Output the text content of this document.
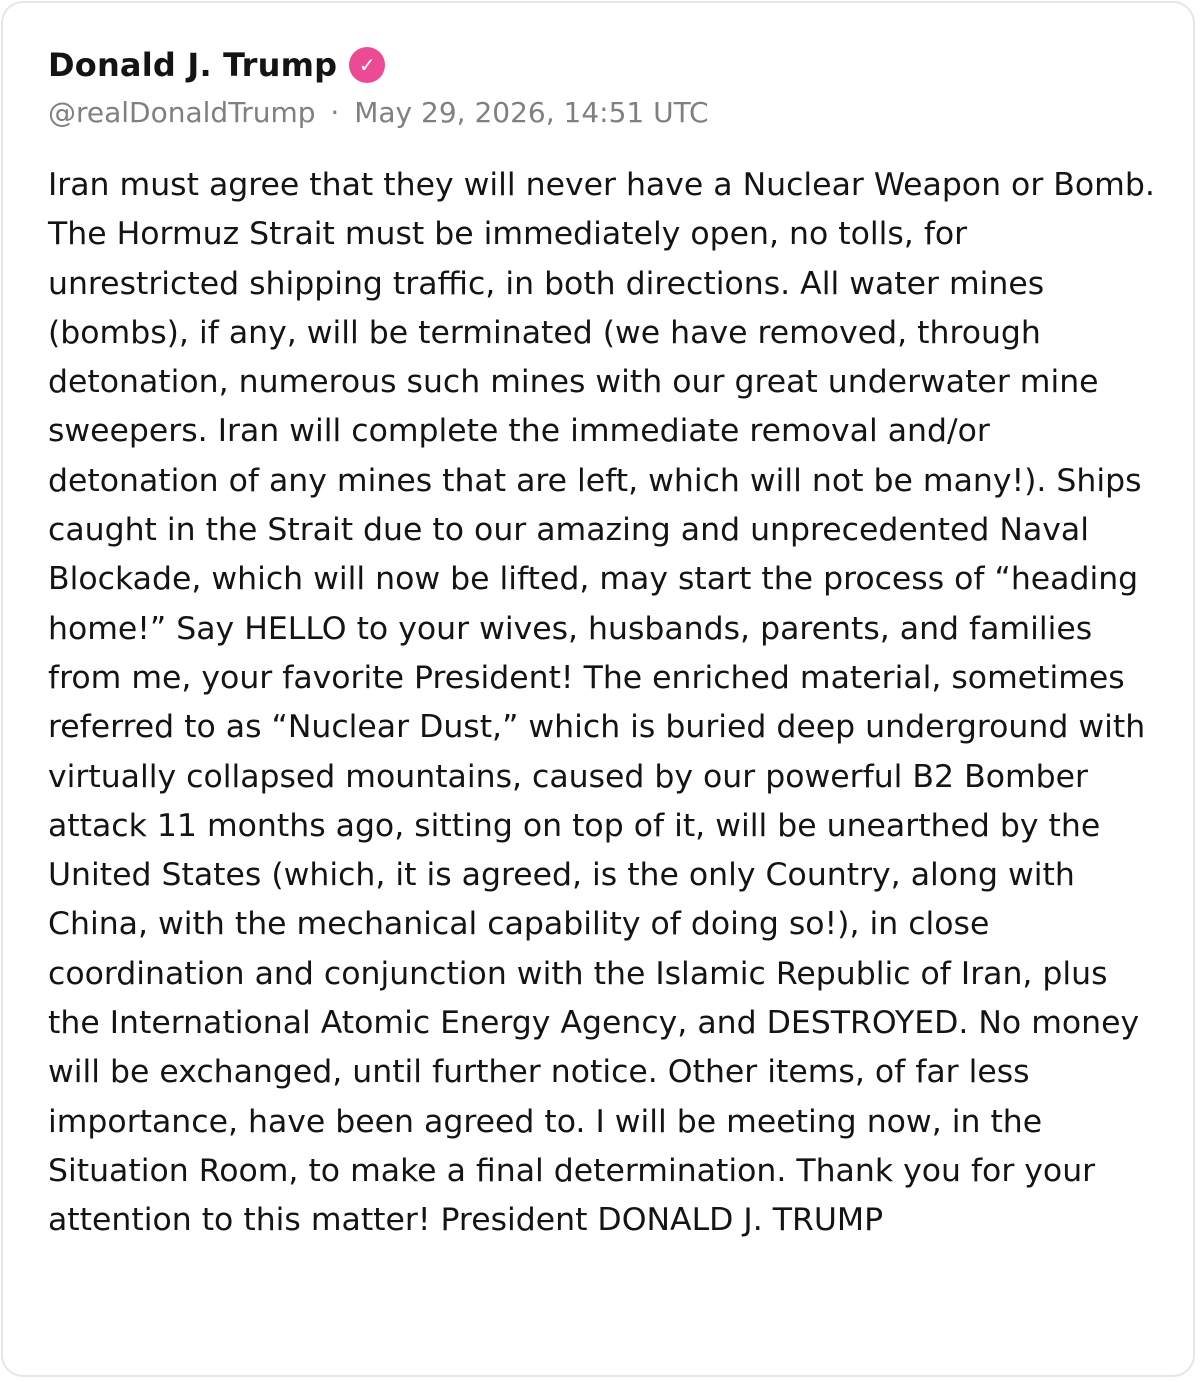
Donald J. Trump	✓
@realDonaldTrump · May 29, 2026, 14:51 UTC

Iran must agree that they will never have a Nuclear Weapon or Bomb. The Hormuz Strait must be immediately open, no tolls, for unrestricted shipping traffic, in both directions. All water mines (bombs), if any, will be terminated (we have removed, through detonation, numerous such mines with our great underwater mine sweepers. Iran will complete the immediate removal and/or detonation of any mines that are left, which will not be many!). Ships caught in the Strait due to our amazing and unprecedented Naval Blockade, which will now be lifted, may start the process of “heading home!” Say HELLO to your wives, husbands, parents, and families from me, your favorite President! The enriched material, sometimes referred to as “Nuclear Dust,” which is buried deep underground with virtually collapsed mountains, caused by our powerful B2 Bomber attack 11 months ago, sitting on top of it, will be unearthed by the United States (which, it is agreed, is the only Country, along with China, with the mechanical capability of doing so!), in close coordination and conjunction with the Islamic Republic of Iran, plus the International Atomic Energy Agency, and DESTROYED. No money will be exchanged, until further notice. Other items, of far less importance, have been agreed to. I will be meeting now, in the Situation Room, to make a final determination. Thank you for your attention to this matter! President DONALD J. TRUMP
